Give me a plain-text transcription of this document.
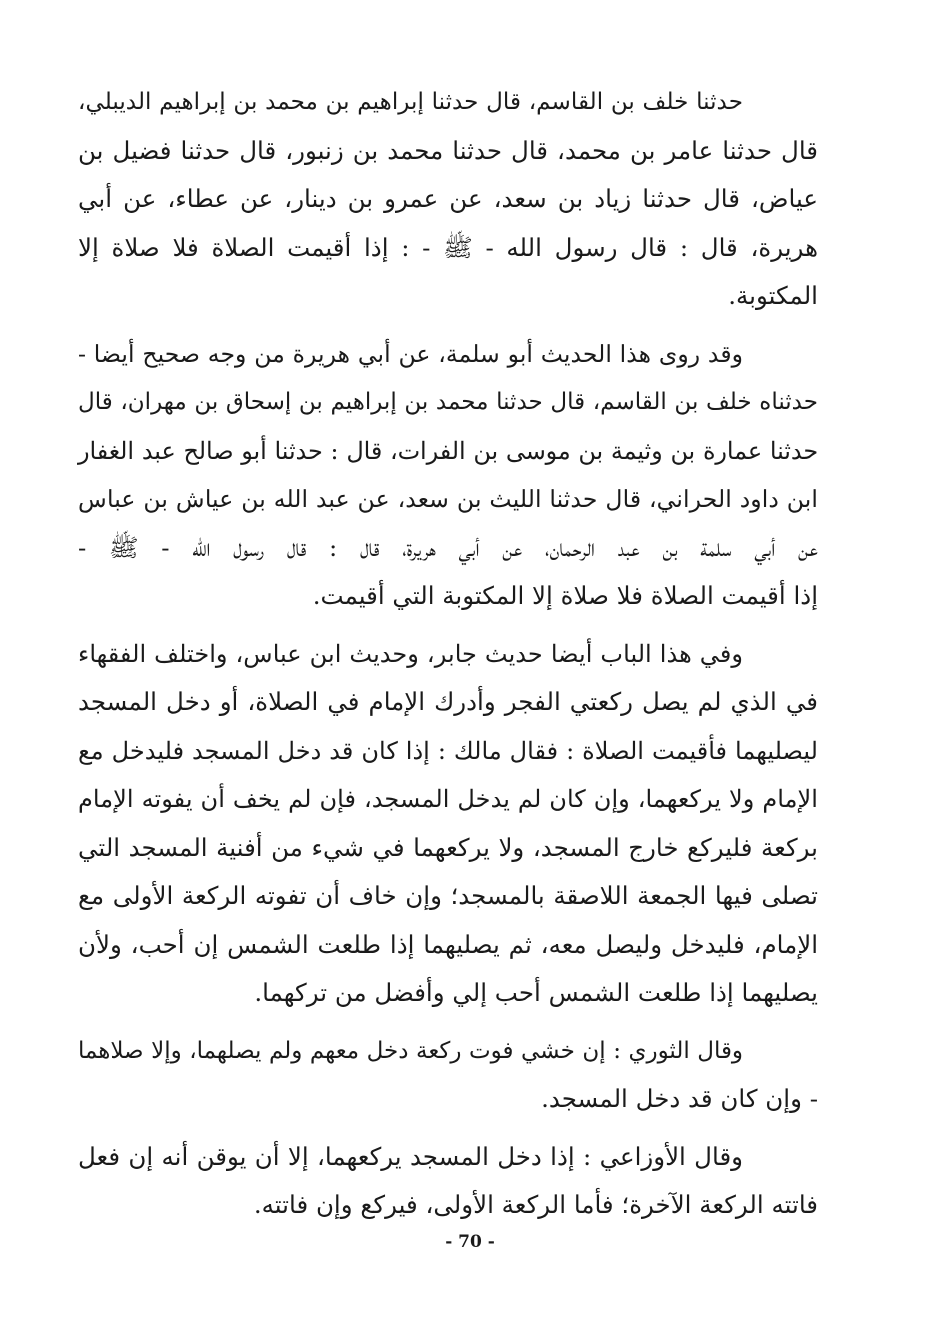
حدثنا خلف بن القاسم، قال حدثنا إبراهيم بن محمد بن إبراهيم الديبلي،
قال حدثنا عامر بن محمد، قال حدثنا محمد بن زنبور، قال حدثنا فضيل بن
عياض، قال حدثنا زياد بن سعد، عن عمرو بن دينار، عن عطاء، عن أبي
هريرة، قال : قال رسول الله - ﷺ - : إذا أقيمت الصلاة فلا صلاة إلا
المكتوبة.

وقد روى هذا الحديث أبو سلمة، عن أبي هريرة من وجه صحيح أيضا -
حدثناه خلف بن القاسم، قال حدثنا محمد بن إبراهيم بن إسحاق بن مهران، قال
حدثنا عمارة بن وثيمة بن موسى بن الفرات، قال : حدثنا أبو صالح عبد الغفار
ابن داود الحراني، قال حدثنا الليث بن سعد، عن عبد الله بن عياش بن عباس
عن أبي سلمة بن عبد الرحمان، عن أبي هريرة، قال : قال رسول الله - ﷺ -
إذا أقيمت الصلاة فلا صلاة إلا المكتوبة التي أقيمت.

وفي هذا الباب أيضا حديث جابر، وحديث ابن عباس، واختلف الفقهاء
في الذي لم يصل ركعتي الفجر وأدرك الإمام في الصلاة، أو دخل المسجد
ليصليهما فأقيمت الصلاة : فقال مالك : إذا كان قد دخل المسجد فليدخل مع
الإمام ولا يركعهما، وإن كان لم يدخل المسجد، فإن لم يخف أن يفوته الإمام
بركعة فليركع خارج المسجد، ولا يركعهما في شيء من أفنية المسجد التي
تصلى فيها الجمعة اللاصقة بالمسجد؛ وإن خاف أن تفوته الركعة الأولى مع
الإمام، فليدخل وليصل معه، ثم يصليهما إذا طلعت الشمس إن أحب، ولأن
يصليهما إذا طلعت الشمس أحب إلي وأفضل من تركهما.

وقال الثوري : إن خشي فوت ركعة دخل معهم ولم يصلهما، وإلا صلاهما
- وإن كان قد دخل المسجد.

وقال الأوزاعي : إذا دخل المسجد يركعهما، إلا أن يوقن أنه إن فعل
فاتته الركعة الآخرة؛ فأما الركعة الأولى، فيركع وإن فاتته.

- 70 -
